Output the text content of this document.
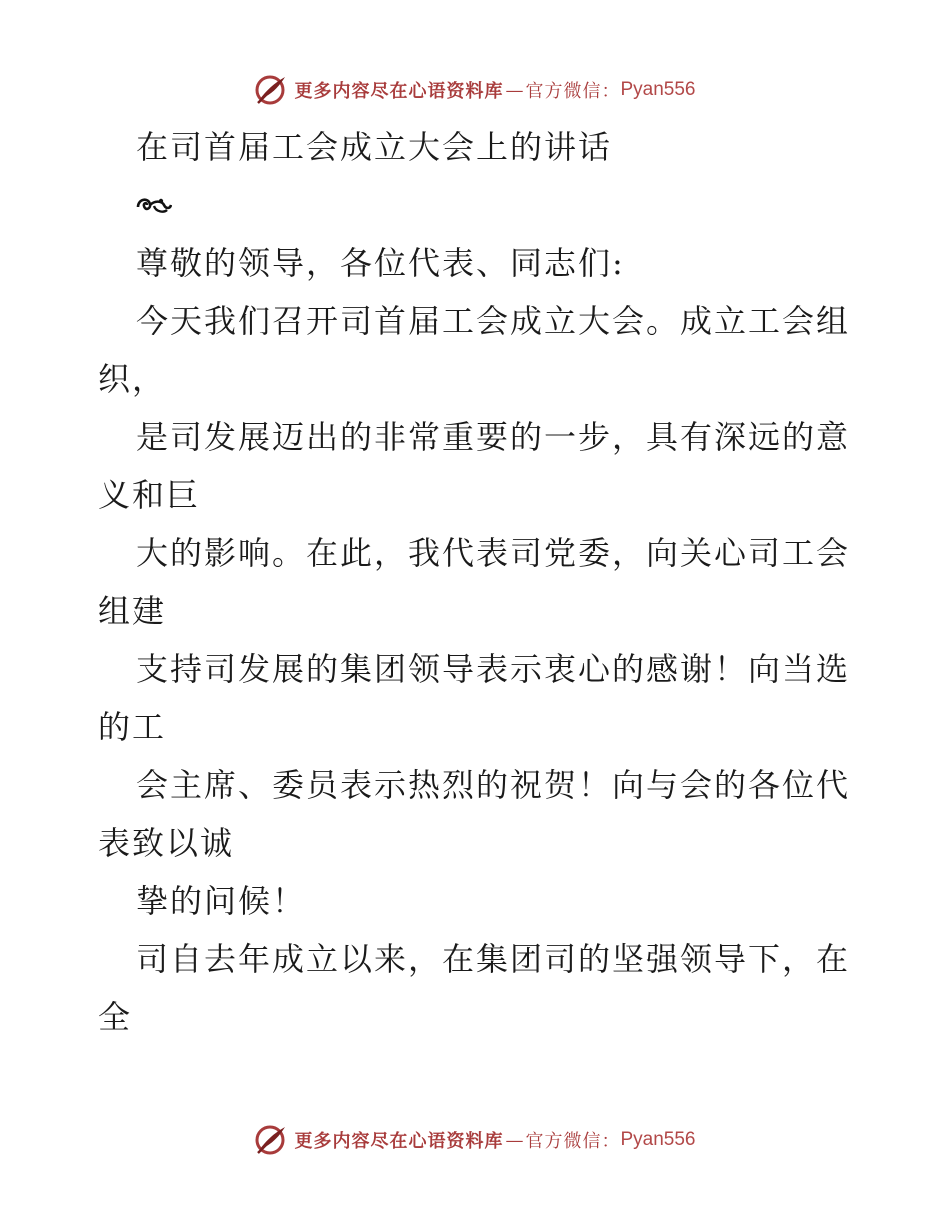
更多内容尽在心语资料库 — 官方微信： Pyan556
在司首届工会成立大会上的讲话
尊敬的领导，各位代表、同志们:
今天我们召开司首届工会成立大会。成立工会组
织，
是司发展迈出的非常重要的一步，具有深远的意
义和巨
大的影响。在此，我代表司党委，向关心司工会
组建
支持司发展的集团领导表示衷心的感谢！向当选
的工
会主席、委员表示热烈的祝贺！向与会的各位代
表致以诚
挚的问候！
司自去年成立以来，在集团司的坚强领导下，在
全
更多内容尽在心语资料库 — 官方微信： Pyan556
